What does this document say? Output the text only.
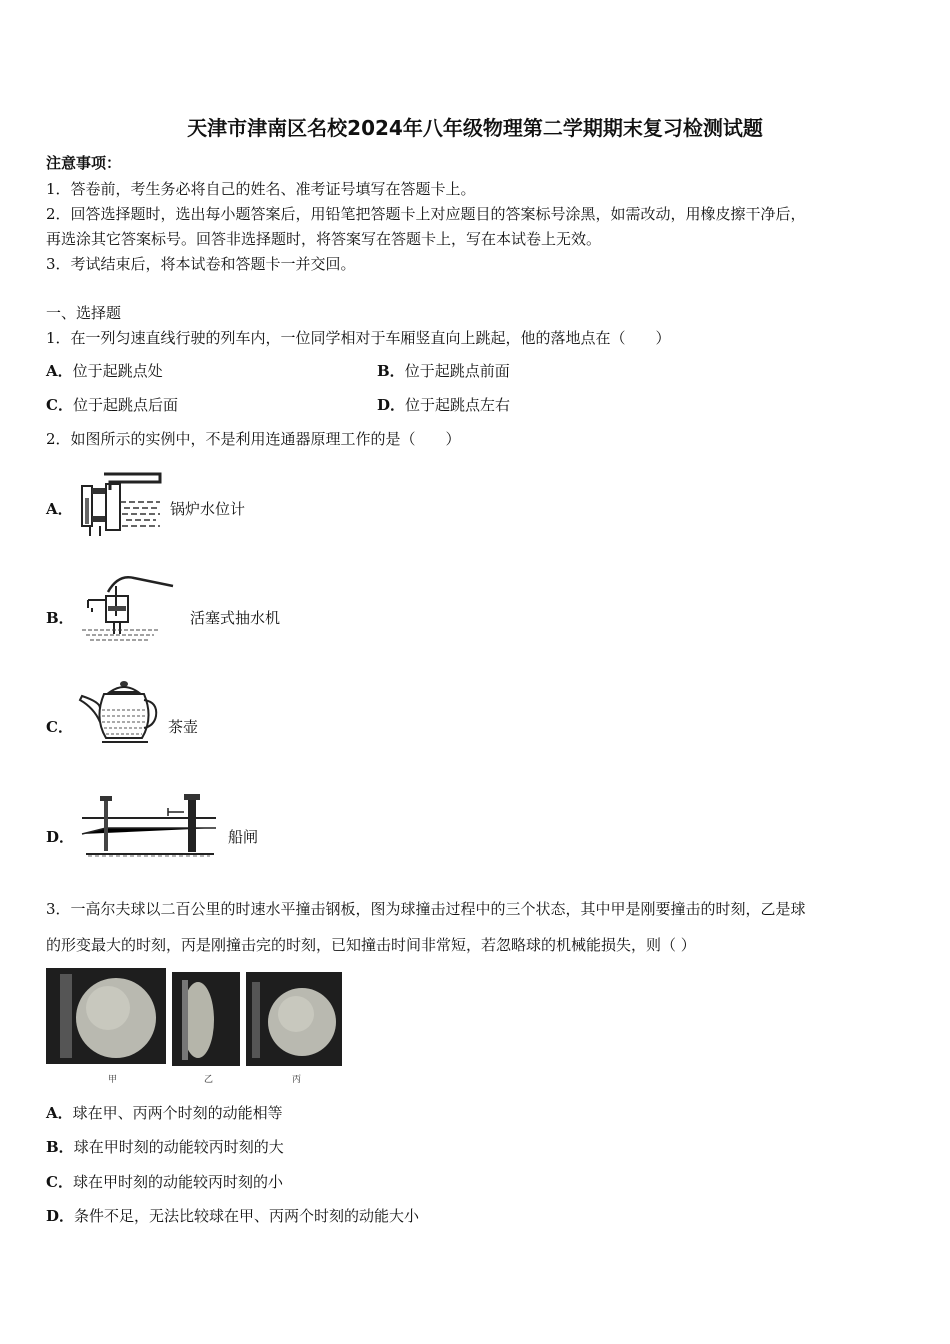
天津市津南区名校2024年八年级物理第二学期期末复习检测试题
注意事项：
1．答卷前，考生务必将自己的姓名、准考证号填写在答题卡上。
2．回答选择题时，选出每小题答案后，用铅笔把答题卡上对应题目的答案标号涂黑，如需改动，用橡皮擦干净后，
再选涂其它答案标号。回答非选择题时，将答案写在答题卡上，写在本试卷上无效。
3．考试结束后，将本试卷和答题卡一并交回。
一、选择题
1．在一列匀速直线行驶的列车内，一位同学相对于车厢竖直向上跳起，他的落地点在（　　）
A．位于起跳点处	B．位于起跳点前面
C．位于起跳点后面	D．位于起跳点左右
2．如图所示的实例中，不是利用连通器原理工作的是（　　）
A．	锅炉水位计
B．	活塞式抽水机
C．	茶壶
D．	船闸
3．一高尔夫球以二百公里的时速水平撞击钢板，图为球撞击过程中的三个状态，其中甲是刚要撞击的时刻，乙是球
的形变最大的时刻，丙是刚撞击完的时刻，已知撞击时间非常短，若忽略球的机械能损失，则（ ）
甲	乙	丙
A．球在甲、丙两个时刻的动能相等
B．球在甲时刻的动能较丙时刻的大
C．球在甲时刻的动能较丙时刻的小
D．条件不足，无法比较球在甲、丙两个时刻的动能大小
